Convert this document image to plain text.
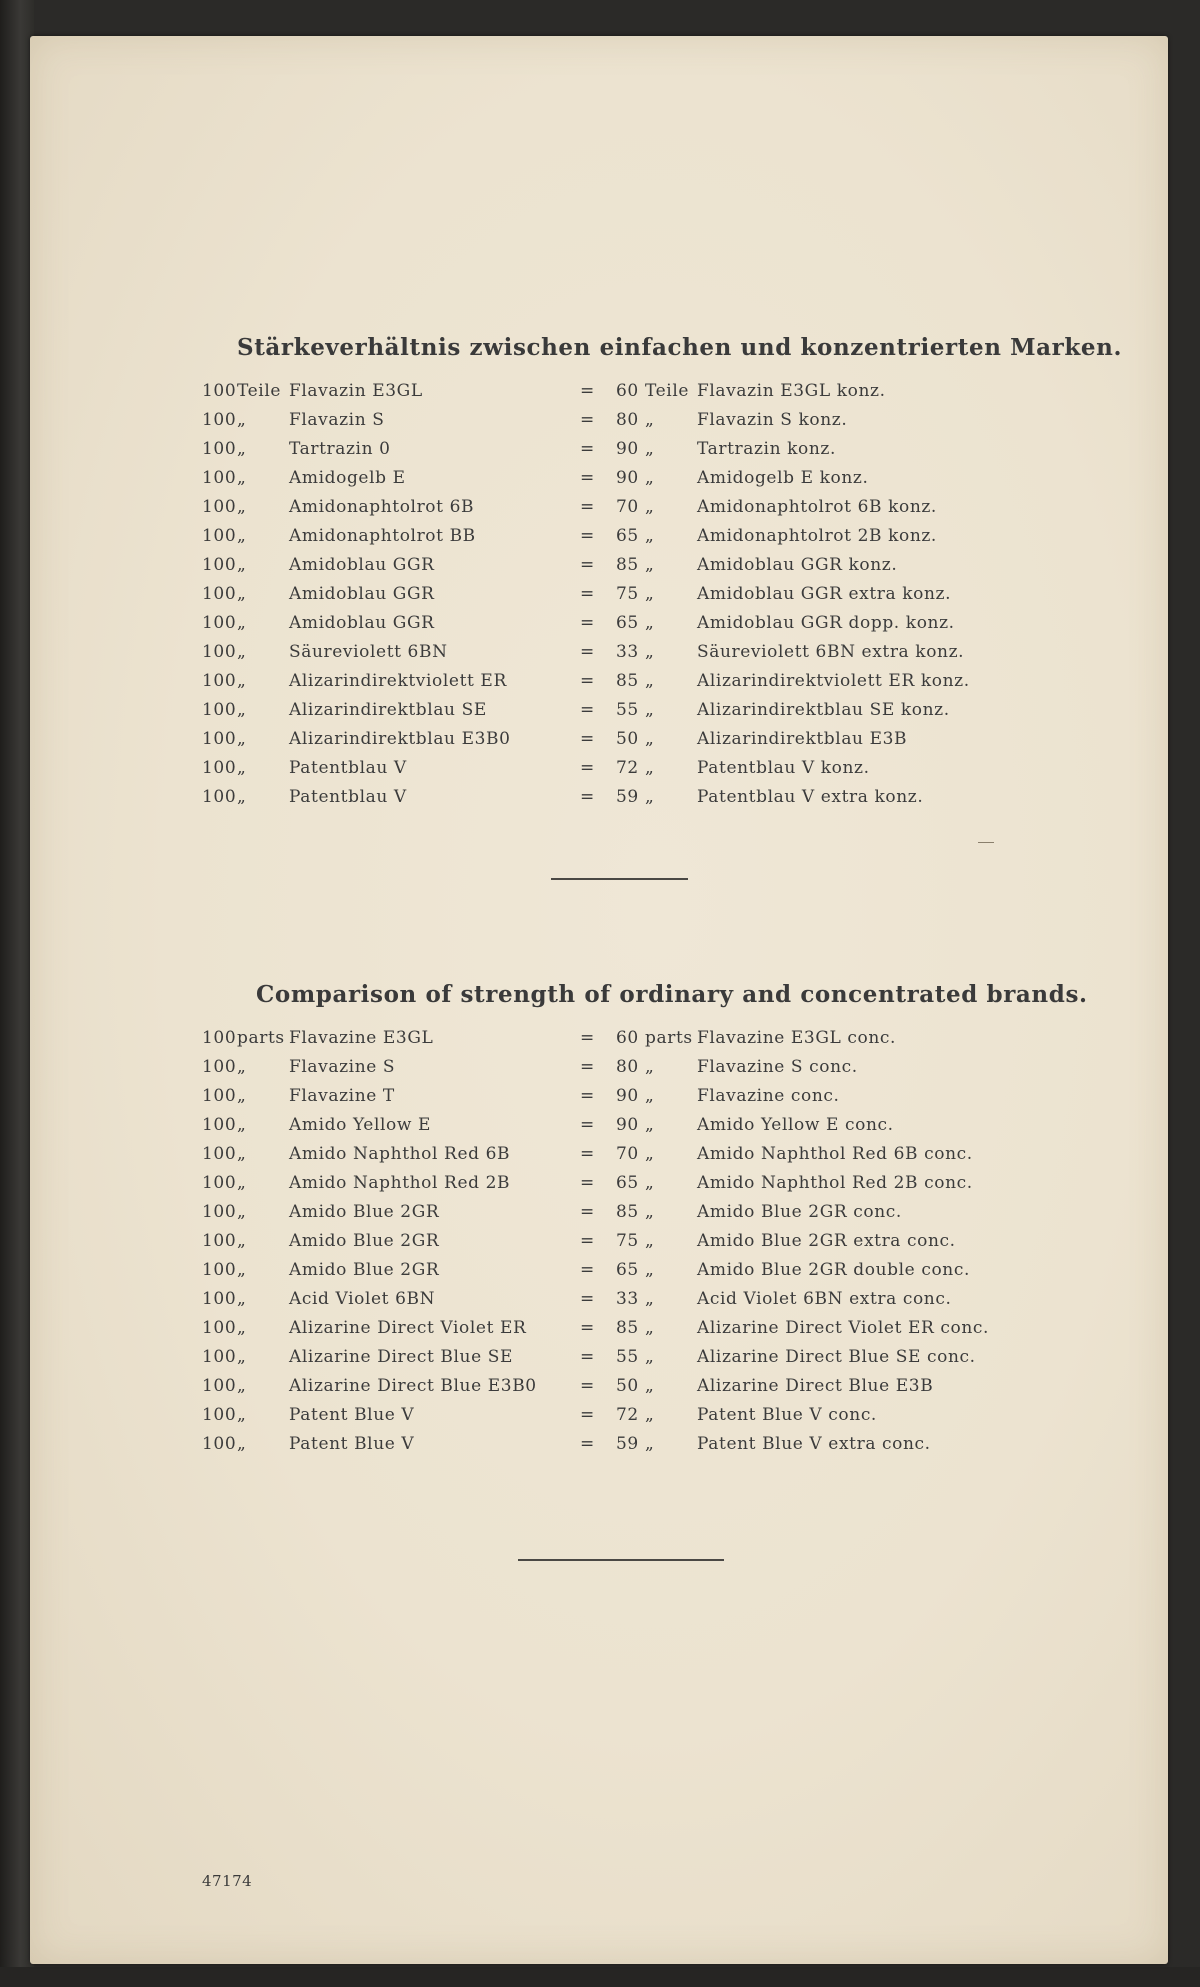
Stärkeverhältnis zwischen einfachen und konzentrierten Marken.
100 Teile Flavazin E3GL	= 60 Teile Flavazin E3GL konz.
100 „	Flavazin S	= 80 „	Flavazin S konz.
100 „	Tartrazin 0	= 90 „	Tartrazin konz.
100 „	Amidogelb E	= 90 „	Amidogelb E konz.
100 „	Amidonaphtolrot 6B	= 70 „	Amidonaphtolrot 6B konz.
100 „	Amidonaphtolrot BB	= 65 „	Amidonaphtolrot 2B konz.
100 „	Amidoblau GGR	= 85 „	Amidoblau GGR konz.
100 „	Amidoblau GGR	= 75 „	Amidoblau GGR extra konz.
100 „	Amidoblau GGR	= 65 „	Amidoblau GGR dopp. konz.
100 „	Säureviolett 6BN	= 33 „	Säureviolett 6BN extra konz.
100 „	Alizarindirektviolett ER	= 85 „	Alizarindirektviolett ER konz.
100 „	Alizarindirektblau SE	= 55 „	Alizarindirektblau SE konz.
100 „	Alizarindirektblau E3B0	= 50 „	Alizarindirektblau E3B
100 „	Patentblau V	= 72 „	Patentblau V konz.
100 „	Patentblau V	= 59 „	Patentblau V extra konz.
Comparison of strength of ordinary and concentrated brands.
100 parts Flavazine E3GL	= 60 parts Flavazine E3GL conc.
100 „	Flavazine S	= 80 „	Flavazine S conc.
100 „	Flavazine T	= 90 „	Flavazine conc.
100 „	Amido Yellow E	= 90 „	Amido Yellow E conc.
100 „	Amido Naphthol Red 6B	= 70 „	Amido Naphthol Red 6B conc.
100 „	Amido Naphthol Red 2B	= 65 „	Amido Naphthol Red 2B conc.
100 „	Amido Blue 2GR	= 85 „	Amido Blue 2GR conc.
100 „	Amido Blue 2GR	= 75 „	Amido Blue 2GR extra conc.
100 „	Amido Blue 2GR	= 65 „	Amido Blue 2GR double conc.
100 „	Acid Violet 6BN	= 33 „	Acid Violet 6BN extra conc.
100 „	Alizarine Direct Violet ER	= 85 „	Alizarine Direct Violet ER conc.
100 „	Alizarine Direct Blue SE	= 55 „	Alizarine Direct Blue SE conc.
100 „	Alizarine Direct Blue E3B0	= 50 „	Alizarine Direct Blue E3B
100 „	Patent Blue V	= 72 „	Patent Blue V conc.
100 „	Patent Blue V	= 59 „	Patent Blue V extra conc.
47174
